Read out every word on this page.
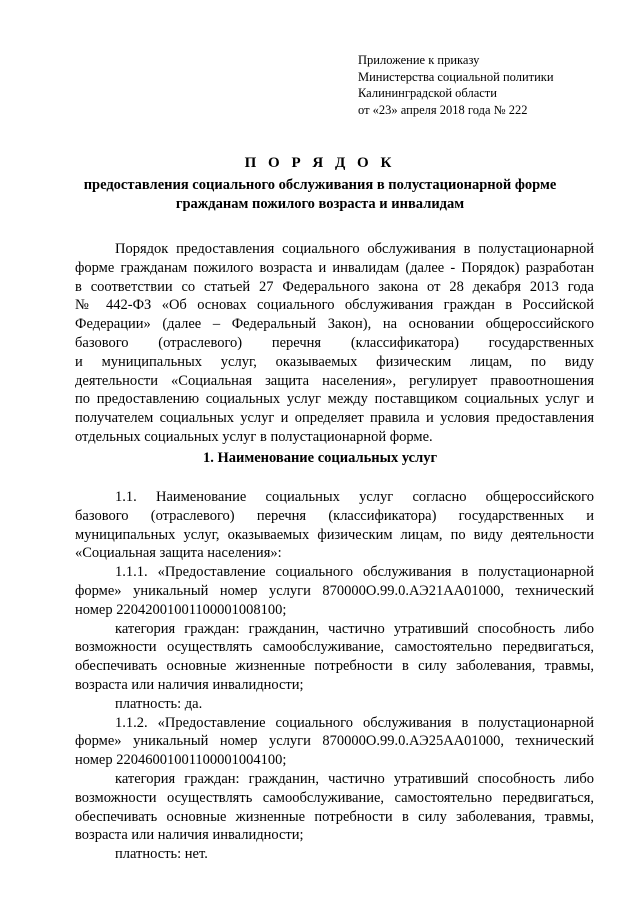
Приложение к приказу
Министерства социальной политики
Калининградской области
от «23» апреля 2018 года № 222
П О Р Я Д О К
предоставления социального обслуживания в полустационарной форме
гражданам пожилого возраста и инвалидам
Порядок предоставления социального обслуживания в полустационарной
форме гражданам пожилого возраста и инвалидам (далее - Порядок) разработан
в соответствии со статьей 27 Федерального закона от 28 декабря 2013 года
№ 442-ФЗ «Об основах социального обслуживания граждан в Российской
Федерации» (далее – Федеральный Закон), на основании общероссийского
базового (отраслевого) перечня (классификатора) государственных
и муниципальных услуг, оказываемых физическим лицам, по виду
деятельности «Социальная защита населения», регулирует правоотношения
по предоставлению социальных услуг между поставщиком социальных услуг и
получателем социальных услуг и определяет правила и условия предоставления
отдельных социальных услуг в полустационарной форме.
1. Наименование социальных услуг
1.1. Наименование социальных услуг согласно общероссийского
базового (отраслевого) перечня (классификатора) государственных и
муниципальных услуг, оказываемых физическим лицам, по виду деятельности
«Социальная защита населения»:
1.1.1. «Предоставление социального обслуживания в полустационарной
форме» уникальный номер услуги 870000О.99.0.АЭ21АА01000, технический
номер 22042001001100001008100;
категория граждан: гражданин, частично утративший способность либо
возможности осуществлять самообслуживание, самостоятельно передвигаться,
обеспечивать основные жизненные потребности в силу заболевания, травмы,
возраста или наличия инвалидности;
платность: да.
1.1.2. «Предоставление социального обслуживания в полустационарной
форме» уникальный номер услуги 870000О.99.0.АЭ25АА01000, технический
номер 22046001001100001004100;
категория граждан: гражданин, частично утративший способность либо
возможности осуществлять самообслуживание, самостоятельно передвигаться,
обеспечивать основные жизненные потребности в силу заболевания, травмы,
возраста или наличия инвалидности;
платность: нет.
